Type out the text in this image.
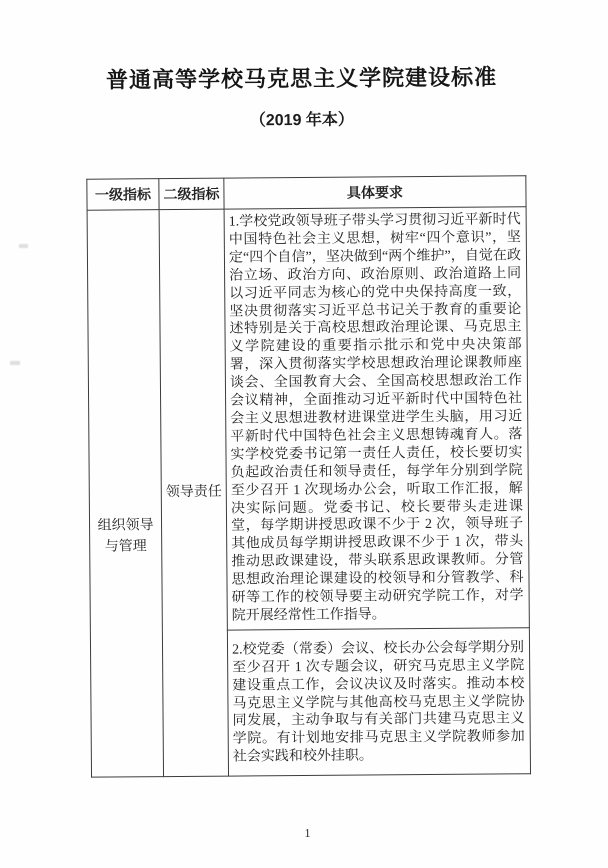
普通高等学校马克思主义学院建设标准
（2019 年本）
一级指标	二级指标	具体要求
组织领导
与管理	领导责任	1.学校党政领导班子带头学习贯彻习近平新时代中国特色社会主义思想，树牢“四个意识”，坚定“四个自信”，坚决做到“两个维护”，自觉在政治立场、政治方向、政治原则、政治道路上同以习近平同志为核心的党中央保持高度一致，坚决贯彻落实习近平总书记关于教育的重要论述特别是关于高校思想政治理论课、马克思主义学院建设的重要指示批示和党中央决策部署，深入贯彻落实学校思想政治理论课教师座谈会、全国教育大会、全国高校思想政治工作会议精神，全面推动习近平新时代中国特色社会主义思想进教材进课堂进学生头脑，用习近平新时代中国特色社会主义思想铸魂育人。落实学校党委书记第一责任人责任，校长要切实负起政治责任和领导责任，每学年分别到学院至少召开 1 次现场办公会，听取工作汇报，解决实际问题。党委书记、校长要带头走进课堂，每学期讲授思政课不少于 2 次，领导班子其他成员每学期讲授思政课不少于 1 次，带头推动思政课建设，带头联系思政课教师。分管思想政治理论课建设的校领导和分管教学、科研等工作的校领导要主动研究学院工作，对学院开展经常性工作指导。
		2.校党委（常委）会议、校长办公会每学期分别至少召开 1 次专题会议，研究马克思主义学院建设重点工作，会议决议及时落实。推动本校马克思主义学院与其他高校马克思主义学院协同发展，主动争取与有关部门共建马克思主义学院。有计划地安排马克思主义学院教师参加社会实践和校外挂职。
1
